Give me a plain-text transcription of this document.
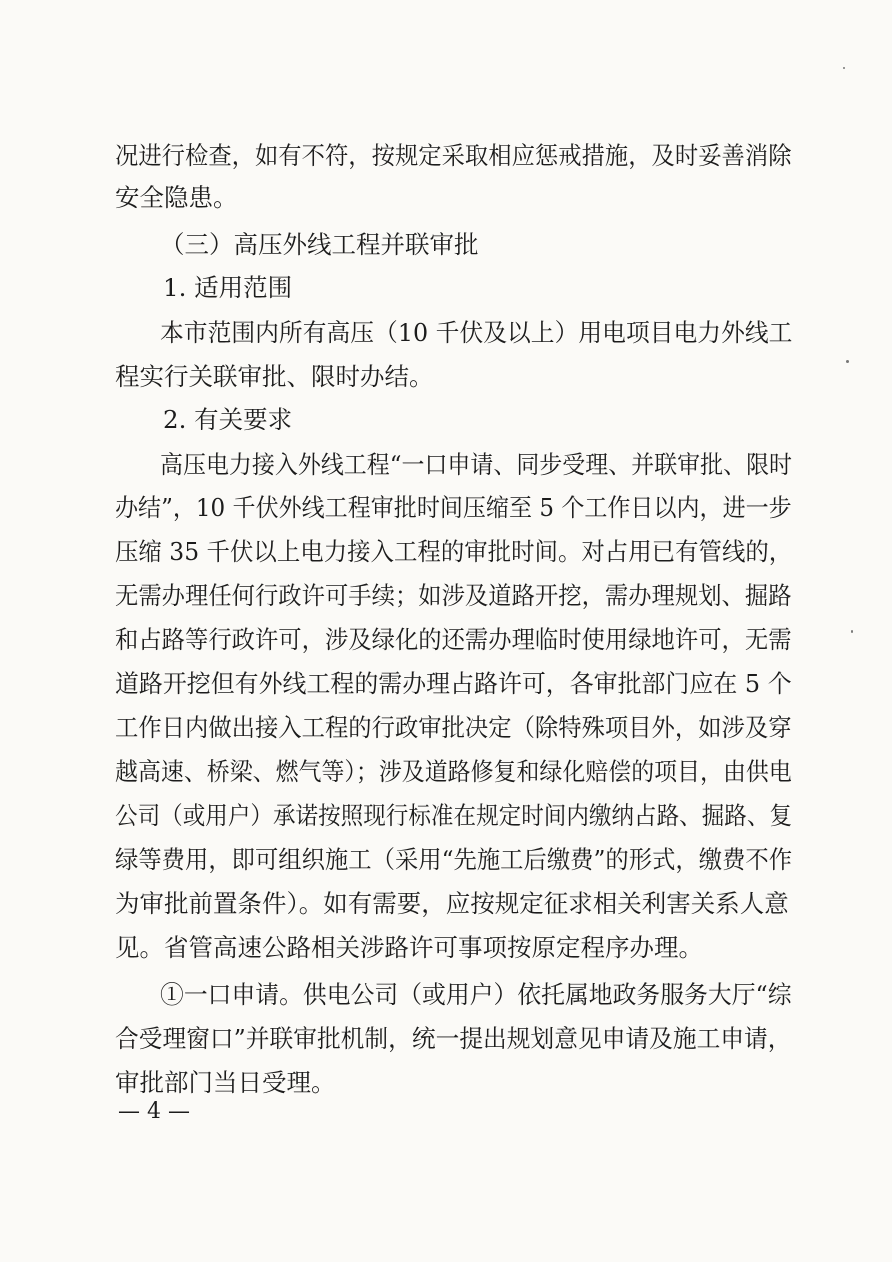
况进行检查，如有不符，按规定采取相应惩戒措施，及时妥善消除
安全隐患。
（三）高压外线工程并联审批
1. 适用范围
本市范围内所有高压（10 千伏及以上）用电项目电力外线工
程实行关联审批、限时办结。
2. 有关要求
高压电力接入外线工程“一口申请、同步受理、并联审批、限时
办结”，10 千伏外线工程审批时间压缩至 5 个工作日以内，进一步
压缩 35 千伏以上电力接入工程的审批时间。对占用已有管线的，
无需办理任何行政许可手续；如涉及道路开挖，需办理规划、掘路
和占路等行政许可，涉及绿化的还需办理临时使用绿地许可，无需
道路开挖但有外线工程的需办理占路许可，各审批部门应在 5 个
工作日内做出接入工程的行政审批决定（除特殊项目外，如涉及穿
越高速、桥梁、燃气等）；涉及道路修复和绿化赔偿的项目，由供电
公司（或用户）承诺按照现行标准在规定时间内缴纳占路、掘路、复
绿等费用，即可组织施工（采用“先施工后缴费”的形式，缴费不作
为审批前置条件）。如有需要，应按规定征求相关利害关系人意
见。省管高速公路相关涉路许可事项按原定程序办理。
①一口申请。供电公司（或用户）依托属地政务服务大厅“综
合受理窗口”并联审批机制，统一提出规划意见申请及施工申请，
审批部门当日受理。
— 4 —
